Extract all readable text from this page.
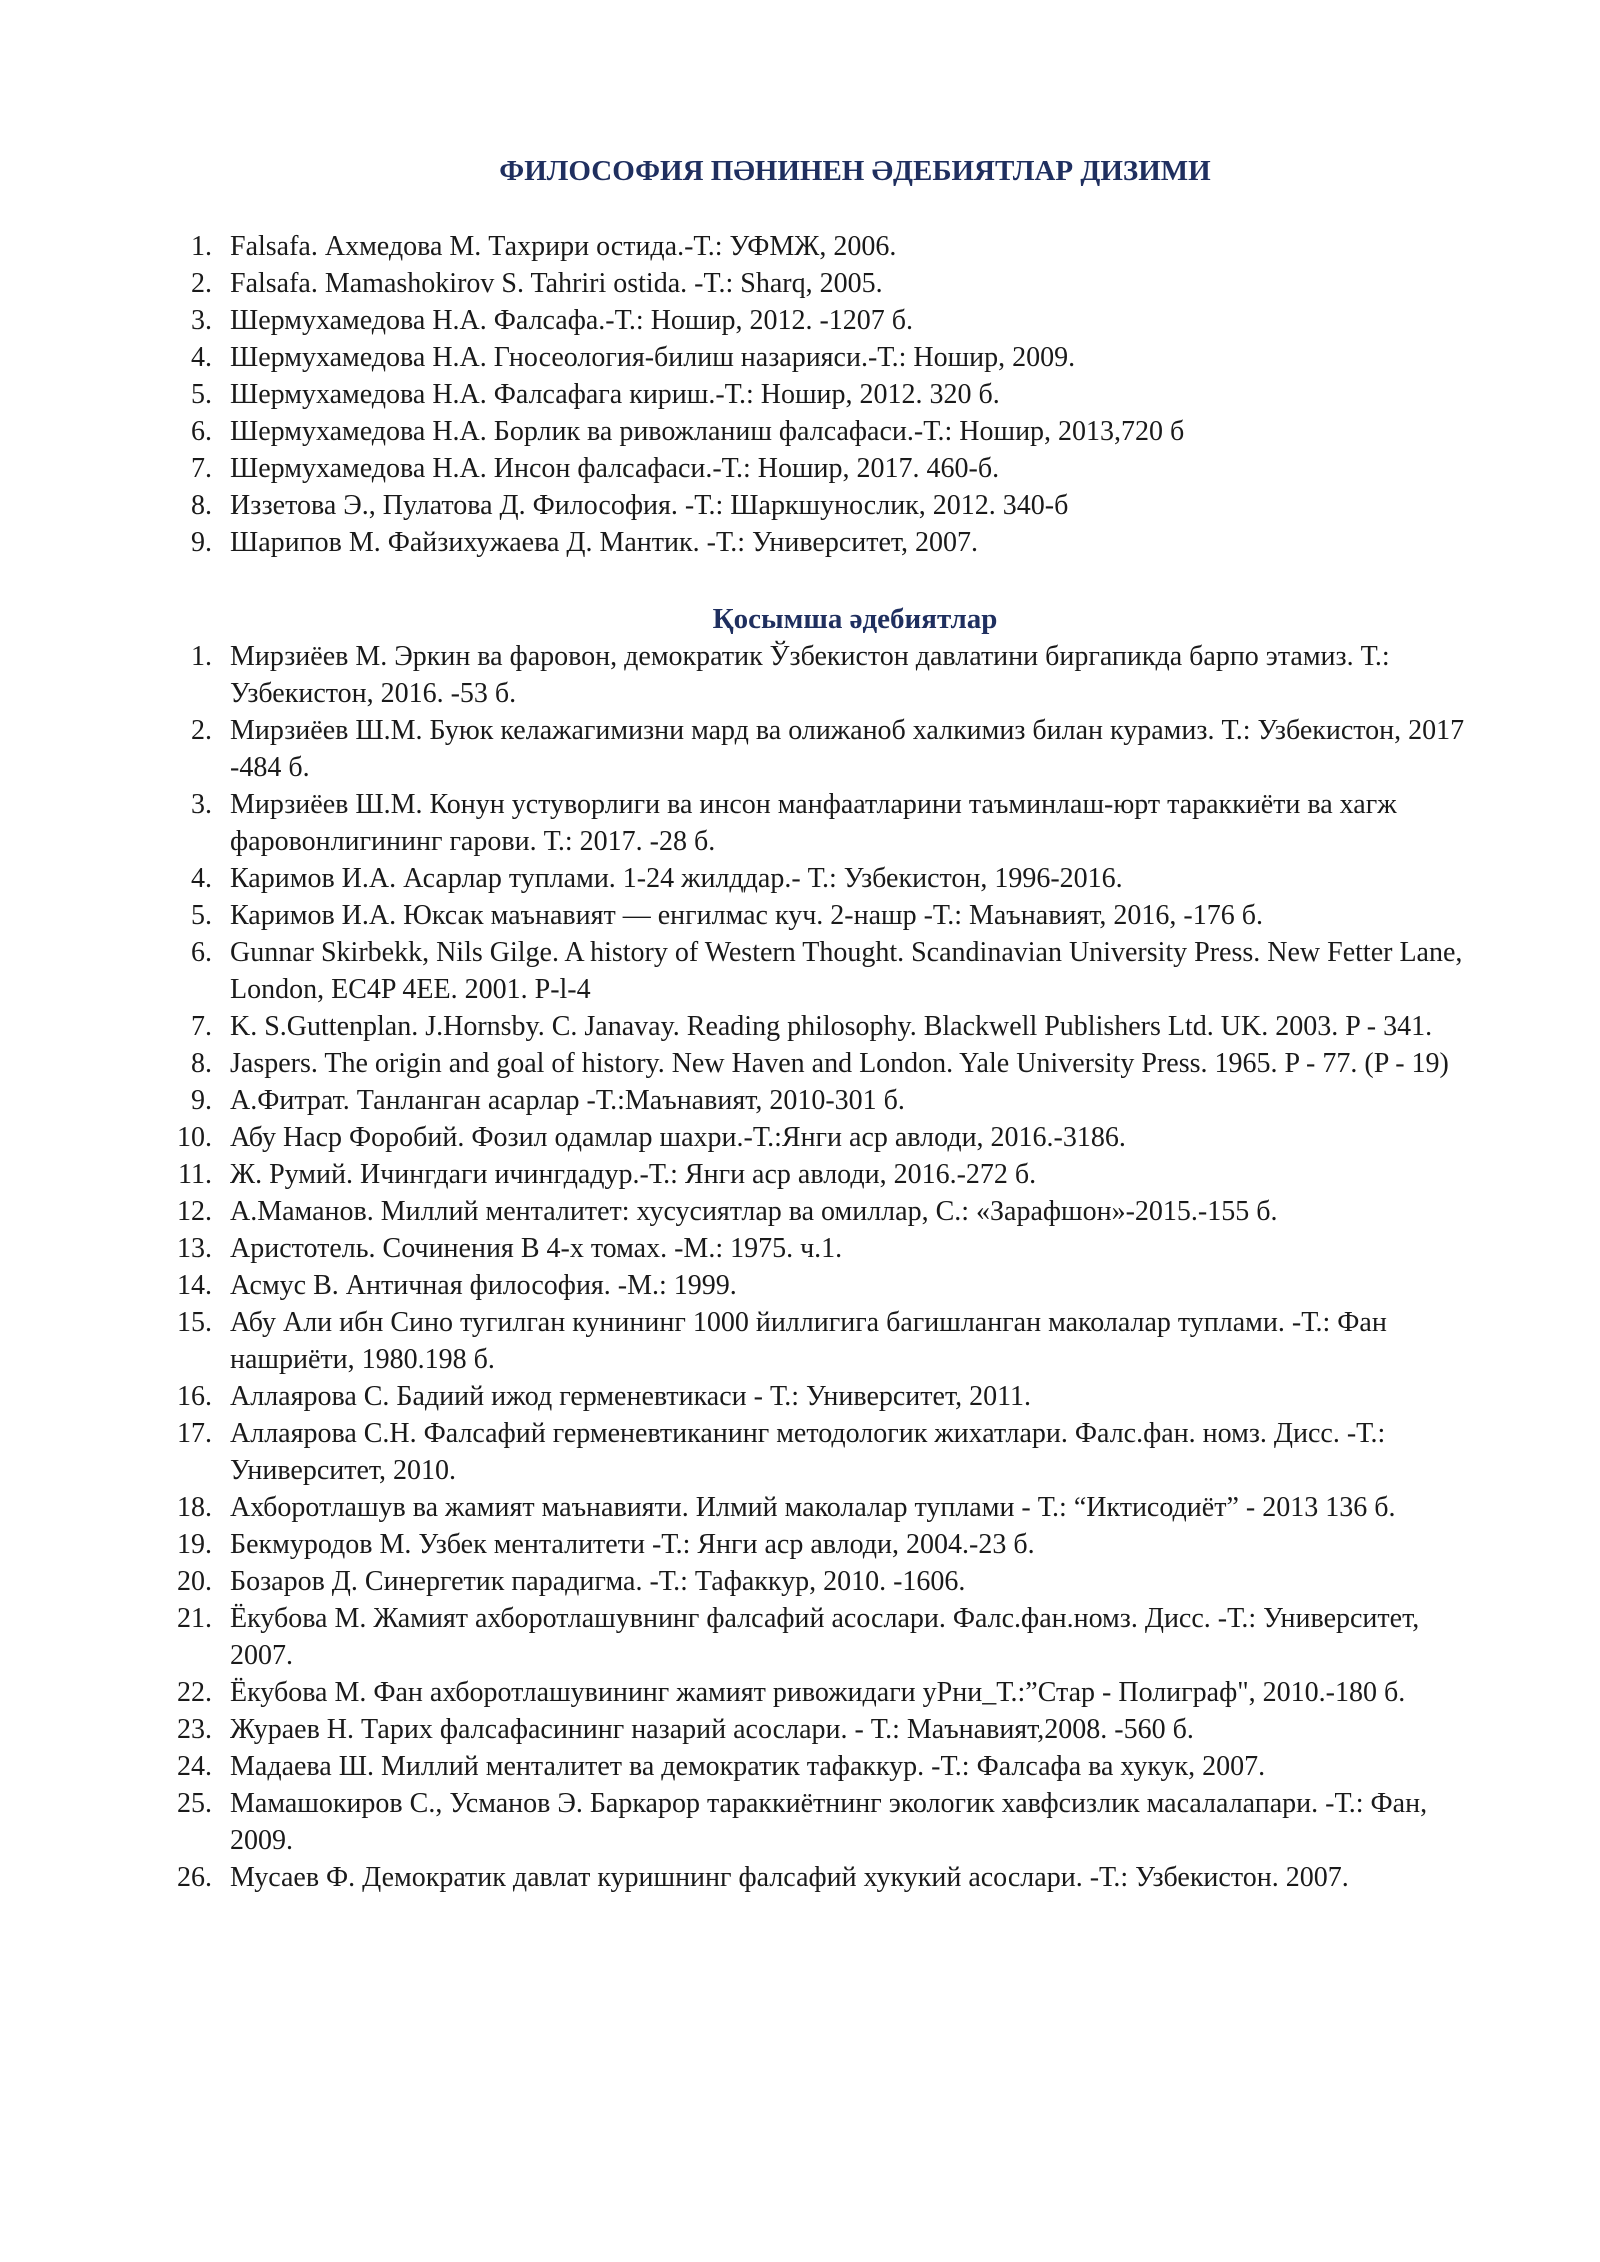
ФИЛОСОФИЯ ПӘНИНЕН ӘДЕБИЯТЛАР ДИЗИМИ
1. Falsafa. Ахмедова М. Тахрири остида.-Т.: УФМЖ, 2006.
2. Falsafa. Mamashokirov S. Tahriri ostida. -T.: Sharq, 2005.
3. Шермухамедова Н.А. Фалсафа.-Т.: Ношир, 2012. -1207 б.
4. Шермухамедова Н.А. Гносеология-билиш назарияси.-Т.: Ношир, 2009.
5. Шермухамедова Н.А. Фалсафага кириш.-Т.: Ношир, 2012. 320 б.
6. Шермухамедова Н.А. Борлик ва ривожланиш фалсафаси.-Т.: Ношир, 2013,720 б
7. Шермухамедова Н.А. Инсон фалсафаси.-Т.: Ношир, 2017. 460-б.
8. Иззетова Э., Пулатова Д. Философия. -Т.: Шаркшунослик, 2012. 340-б
9. Шарипов М. Файзихужаева Д. Мантик. -Т.: Университет, 2007.
Қосымша әдебиятлар
1. Мирзиёев М. Эркин ва фаровон, демократик Ўзбекистон давлатини биргапикда барпо этамиз. Т.: Узбекистон, 2016. -53 б.
2. Мирзиёев Ш.М. Буюк келажагимизни мард ва олижаноб халкимиз билан курамиз. Т.: Узбекистон, 2017 -484 б.
3. Мирзиёев Ш.М. Конун устуворлиги ва инсон манфаатларини таъминлаш-юрт тараккиёти ва хагж фаровонлигининг гарови. Т.: 2017. -28 б.
4. Каримов И.А. Асарлар туплами. 1-24 жилддар.- Т.: Узбекистон, 1996-2016.
5. Каримов И.А. Юксак маънавият — енгилмас куч. 2-нашр -Т.: Маънавият, 2016, -176 б.
6. Gunnar Skirbekk, Nils Gilge. A history of Western Thought. Scandinavian University Press. New Fetter Lane, London, EC4P 4EE. 2001. P-l-4
7. K. S.Guttenplan. J.Hornsby. C. Janavay. Reading philosophy. Blackwell Publishers Ltd. UK. 2003. P - 341.
8. Jaspers. The origin and goal of history. New Haven and London. Yale University Press. 1965. P - 77. (P - 19)
9. А.Фитрат. Танланган асарлар -Т.:Маънавият, 2010-301 б.
10. Абу Наср Форобий. Фозил одамлар шахри.-Т.:Янги аср авлоди, 2016.-3186.
11. Ж. Румий. Ичингдаги ичингдадур.-Т.: Янги аср авлоди, 2016.-272 б.
12. А.Маманов. Миллий менталитет: хусусиятлар ва омиллар, С.: «Зарафшон»-2015.-155 б.
13. Аристотель. Сочинения В 4-х томах. -М.: 1975. ч.1.
14. Асмус В. Античная философия. -М.: 1999.
15. Абу Али ибн Сино тугилган кунининг 1000 йиллигига багишланган маколалар туплами. -Т.: Фан нашриёти, 1980.198 б.
16. Аллаярова С. Бадиий ижод герменевтикаси - Т.: Университет, 2011.
17. Аллаярова С.Н. Фалсафий герменевтиканинг методологик жихатлари. Фалс.фан. номз. Дисс. -Т.: Университет, 2010.
18. Ахборотлашув ва жамият маънавияти. Илмий маколалар туплами - Т.: “Иктисодиёт” - 2013 136 б.
19. Бекмуродов М. Узбек менталитети -Т.: Янги аср авлоди, 2004.-23 б.
20. Бозаров Д. Синергетик парадигма. -Т.: Тафаккур, 2010. -1606.
21. Ёкубова М. Жамият ахборотлашувнинг фалсафий асослари. Фалс.фан.номз. Дисс. -Т.: Университет, 2007.
22. Ёкубова М. Фан ахборотлашувининг жамият ривожидаги уРни_Т.:”Стар - Полиграф", 2010.-180 б.
23. Жураев Н. Тарих фалсафасининг назарий асослари. - Т.: Маънавият,2008. -560 б.
24. Мадаева Ш. Миллий менталитет ва демократик тафаккур. -Т.: Фалсафа ва хукук, 2007.
25. Мамашокиров С., Усманов Э. Баркарор тараккиётнинг экологик хавфсизлик масалалапари. -Т.: Фан, 2009.
26. Мусаев Ф. Демократик давлат куришнинг фалсафий хукукий асослари. -Т.: Узбекистон. 2007.
